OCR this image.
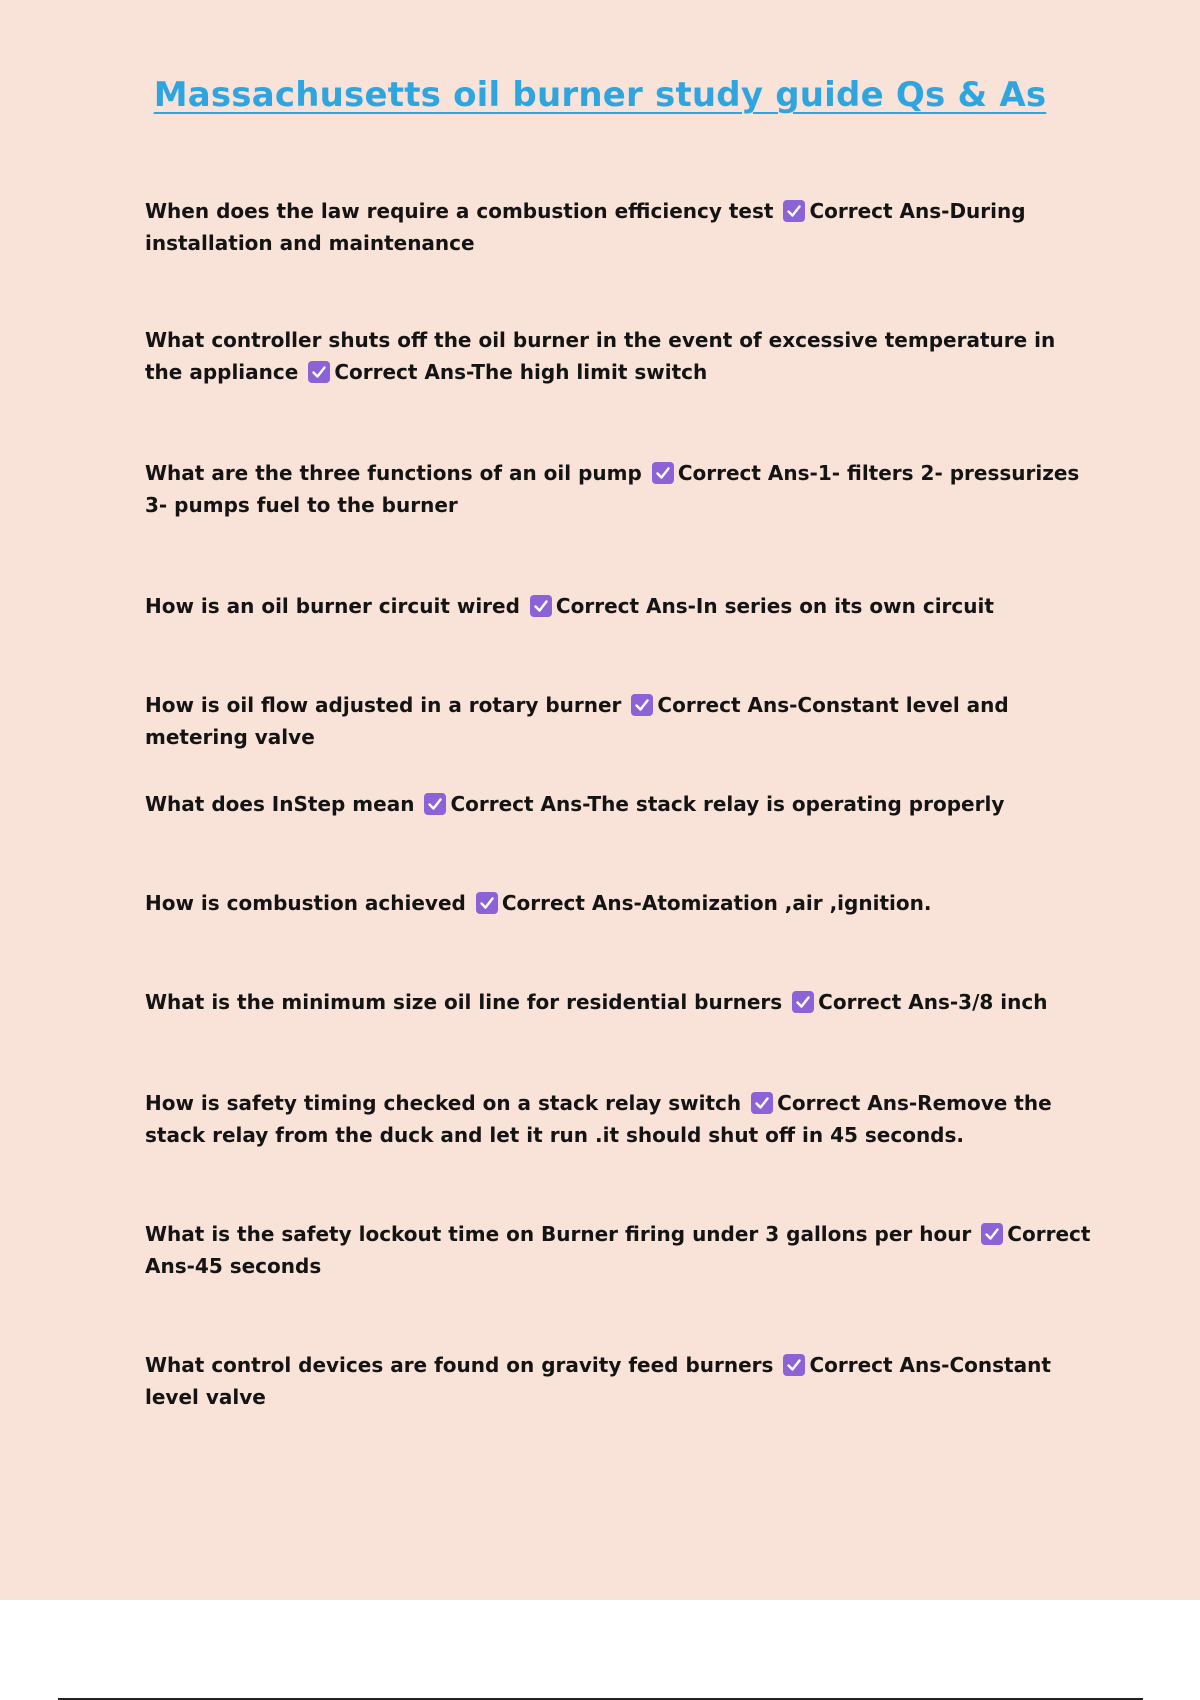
Massachusetts oil burner study guide Qs & As
When does the law require a combustion efficiency test Correct Ans-During installation and maintenance
What controller shuts off the oil burner in the event of excessive temperature in the appliance Correct Ans-The high limit switch
What are the three functions of an oil pump Correct Ans-1- filters 2- pressurizes 3- pumps fuel to the burner
How is an oil burner circuit wired Correct Ans-In series on its own circuit
How is oil flow adjusted in a rotary burner Correct Ans-Constant level and metering valve
What does InStep mean Correct Ans-The stack relay is operating properly
How is combustion achieved Correct Ans-Atomization ,air ,ignition.
What is the minimum size oil line for residential burners Correct Ans-3/8 inch
How is safety timing checked on a stack relay switch Correct Ans-Remove the stack relay from the duck and let it run .it should shut off in 45 seconds.
What is the safety lockout time on Burner firing under 3 gallons per hour Correct Ans-45 seconds
What control devices are found on gravity feed burners Correct Ans-Constant level valve
